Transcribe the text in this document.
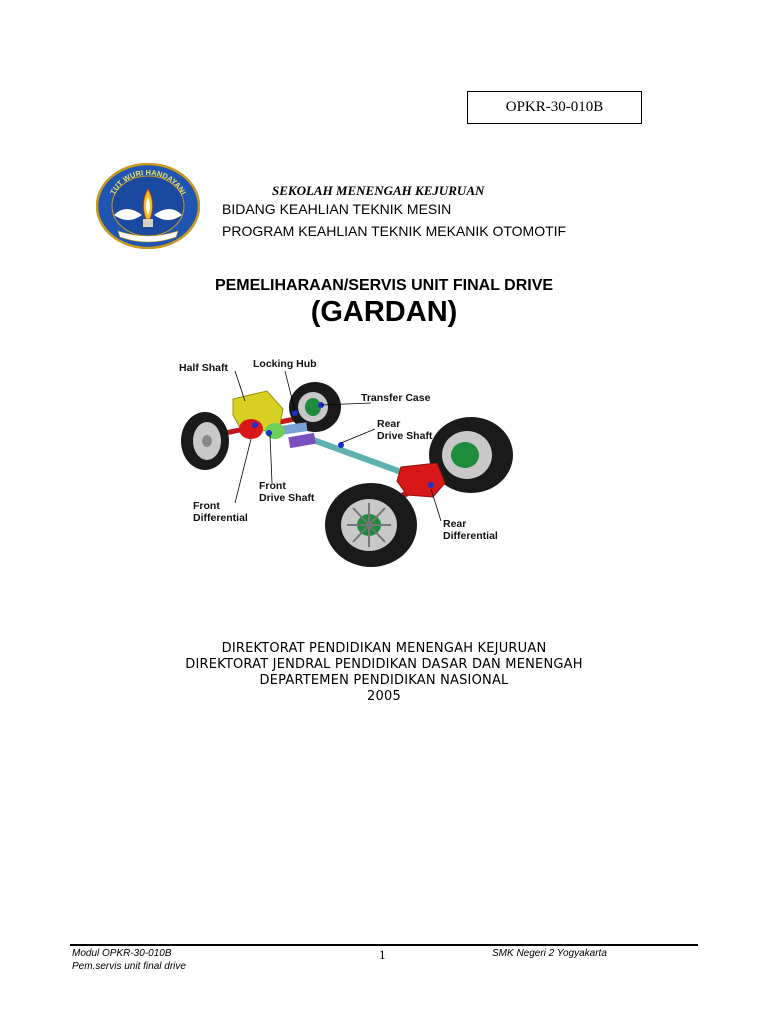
OPKR-30-010B
TUT WURI HANDAYANI	SEKOLAH MENENGAH KEJURUAN
BIDANG KEAHLIAN TEKNIK MESIN
PROGRAM KEAHLIAN TEKNIK MEKANIK OTOMOTIF
PEMELIHARAAN/SERVIS UNIT FINAL DRIVE
(GARDAN)
Half Shaft Locking Hub
Transfer Case
Rear
Drive Shaft
Front
Drive Shaft
Front
Differential	Rear
Differential
DIREKTORAT PENDIDIKAN MENENGAH KEJURUAN
DIREKTORAT JENDRAL PENDIDIKAN DASAR DAN MENENGAH
DEPARTEMEN PENDIDIKAN NASIONAL
2005
Modul OPKR-30-010B
Pem.servis unit final drive
1	SMK Negeri 2 Yogyakarta
